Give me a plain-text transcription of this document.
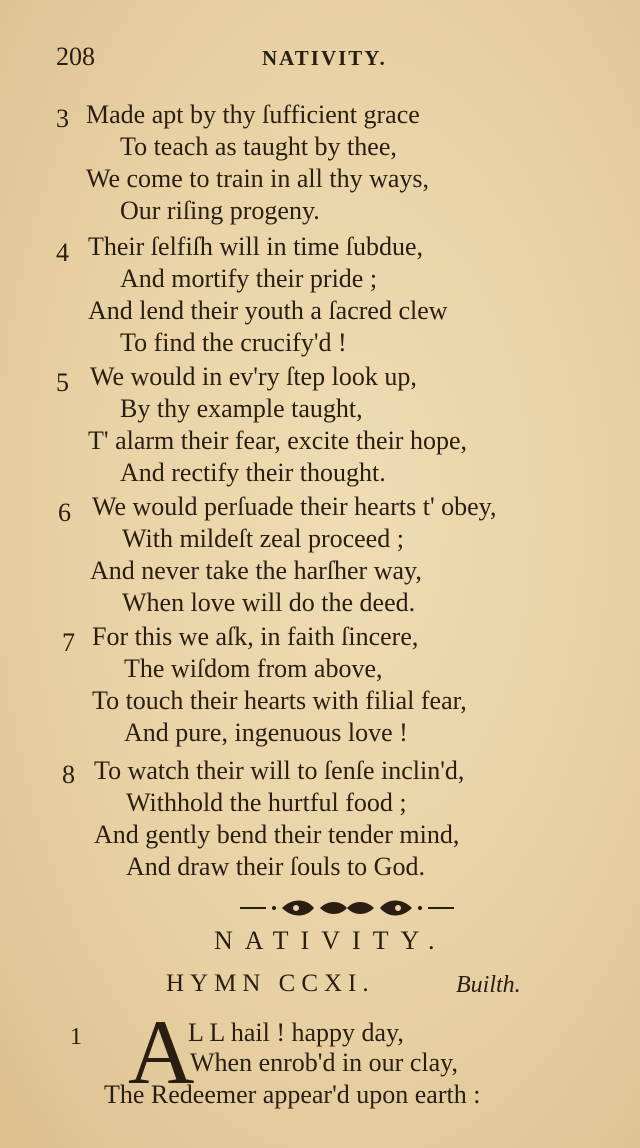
208	NATIVITY.
3 Made apt by thy ſufficient grace
To teach as taught by thee,
We come to train in all thy ways,
Our riſing progeny.
4 Their ſelfiſh will in time ſubdue,
And mortify their pride ;
And lend their youth a ſacred clew
To find the crucify'd !
5 We would in ev'ry ſtep look up,
By thy example taught,
T' alarm their fear, excite their hope,
And rectify their thought.
6 We would perſuade their hearts t' obey,
With mildeſt zeal proceed ;
And never take the harſher way,
When love will do the deed.
7 For this we aſk, in faith ſincere,
The wiſdom from above,
To touch their hearts with filial fear,
And pure, ingenuous love !
8 To watch their will to ſenſe inclin'd,
Withhold the hurtful food ;
And gently bend their tender mind,
And draw their ſouls to God.
NATIVITY.
HYMN CCXI.	Builth.
1 A
L L hail ! happy day,
When enrob'd in our clay,
The Redeemer appear'd upon earth :
